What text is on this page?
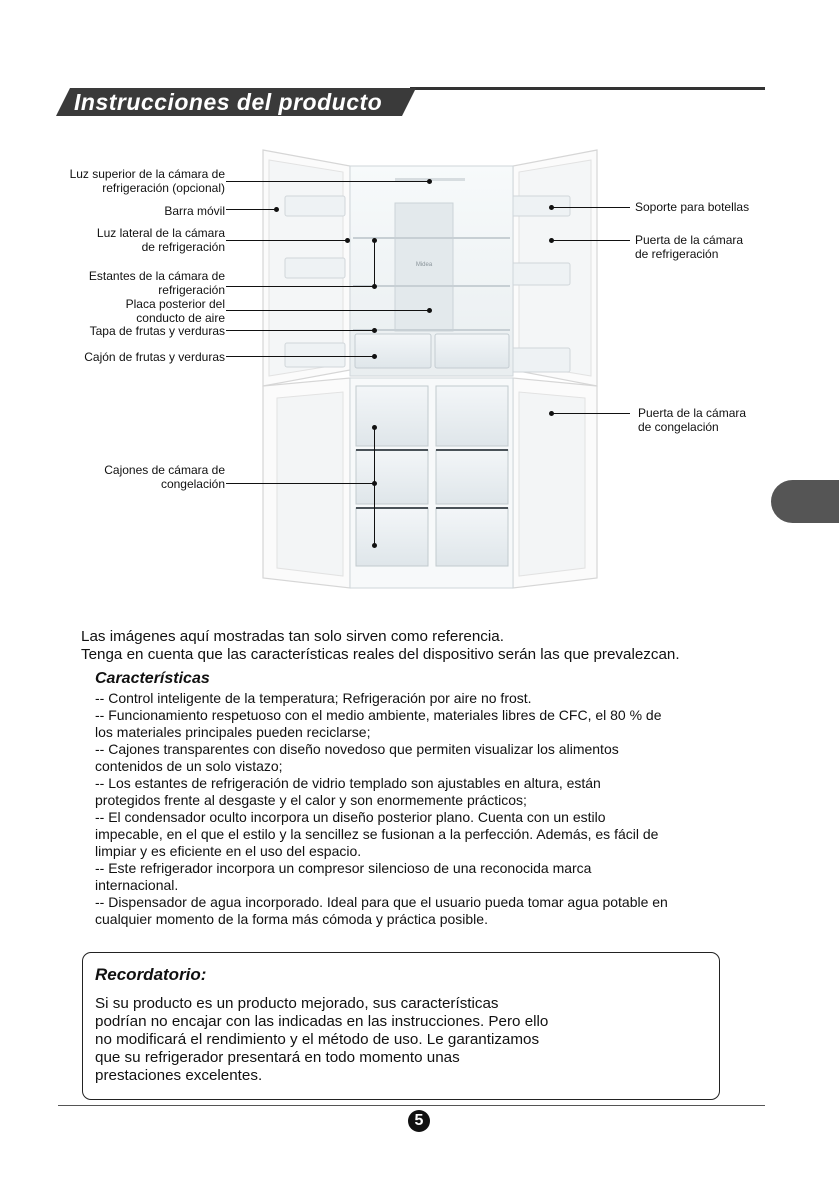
Instrucciones del producto
Midea
Luz superior de la cámara de
refrigeración (opcional)
Barra móvil
Luz lateral de la cámara
de refrigeración
Estantes de la cámara de
refrigeración
Placa posterior del
conducto de aire
Tapa de frutas y verduras
Cajón de frutas y verduras
Cajones de cámara de
congelación
Soporte para botellas
Puerta de la cámara
de refrigeración
Puerta de la cámara
de congelación
Las imágenes aquí mostradas tan solo sirven como referencia.
Tenga en cuenta que las características reales del dispositivo serán las que prevalezcan.
Características
-- Control inteligente de la temperatura; Refrigeración por aire no frost.
-- Funcionamiento respetuoso con el medio ambiente, materiales libres de CFC, el 80 % de
los materiales principales pueden reciclarse;
-- Cajones transparentes con diseño novedoso que permiten visualizar los alimentos
contenidos de un solo vistazo;
-- Los estantes de refrigeración de vidrio templado son ajustables en altura, están
protegidos frente al desgaste y el calor y son enormemente prácticos;
-- El condensador oculto incorpora un diseño posterior plano. Cuenta con un estilo
impecable, en el que el estilo y la sencillez se fusionan a la perfección. Además, es fácil de
limpiar y es eficiente en el uso del espacio.
-- Este refrigerador incorpora un compresor silencioso de una reconocida marca
internacional.
-- Dispensador de agua incorporado. Ideal para que el usuario pueda tomar agua potable en
cualquier momento de la forma más cómoda y práctica posible.
Recordatorio:
Si su producto es un producto mejorado, sus características
podrían no encajar con las indicadas en las instrucciones. Pero ello
no modificará el rendimiento y el método de uso. Le garantizamos
que su refrigerador presentará en todo momento unas
prestaciones excelentes.
5
